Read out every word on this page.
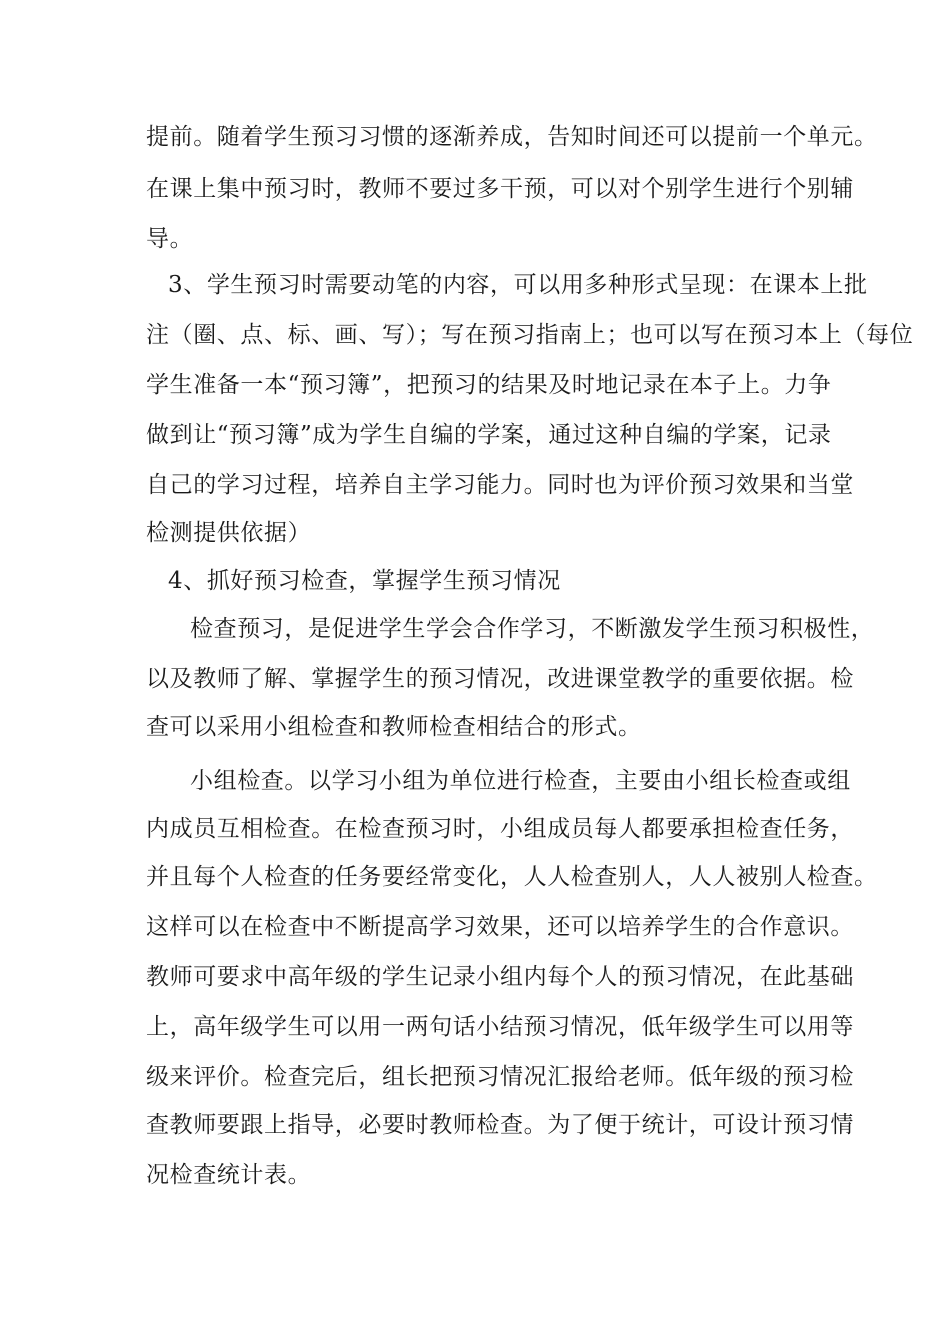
提前。随着学生预习习惯的逐渐养成，告知时间还可以提前一个单元。
在课上集中预习时，教师不要过多干预，可以对个别学生进行个别辅
导。
3、学生预习时需要动笔的内容，可以用多种形式呈现：在课本上批
注（圈、点、标、画、写）；写在预习指南上；也可以写在预习本上（每位
学生准备一本“预习簿”，把预习的结果及时地记录在本子上。力争
做到让“预习簿”成为学生自编的学案，通过这种自编的学案，记录
自己的学习过程，培养自主学习能力。同时也为评价预习效果和当堂
检测提供依据）
4、抓好预习检查，掌握学生预习情况
检查预习，是促进学生学会合作学习，不断激发学生预习积极性，
以及教师了解、掌握学生的预习情况，改进课堂教学的重要依据。检
查可以采用小组检查和教师检查相结合的形式。
小组检查。以学习小组为单位进行检查，主要由小组长检查或组
内成员互相检查。在检查预习时，小组成员每人都要承担检查任务，
并且每个人检查的任务要经常变化，人人检查别人，人人被别人检查。
这样可以在检查中不断提高学习效果，还可以培养学生的合作意识。
教师可要求中高年级的学生记录小组内每个人的预习情况，在此基础
上，高年级学生可以用一两句话小结预习情况，低年级学生可以用等
级来评价。检查完后，组长把预习情况汇报给老师。低年级的预习检
查教师要跟上指导，必要时教师检查。为了便于统计，可设计预习情
况检查统计表。
